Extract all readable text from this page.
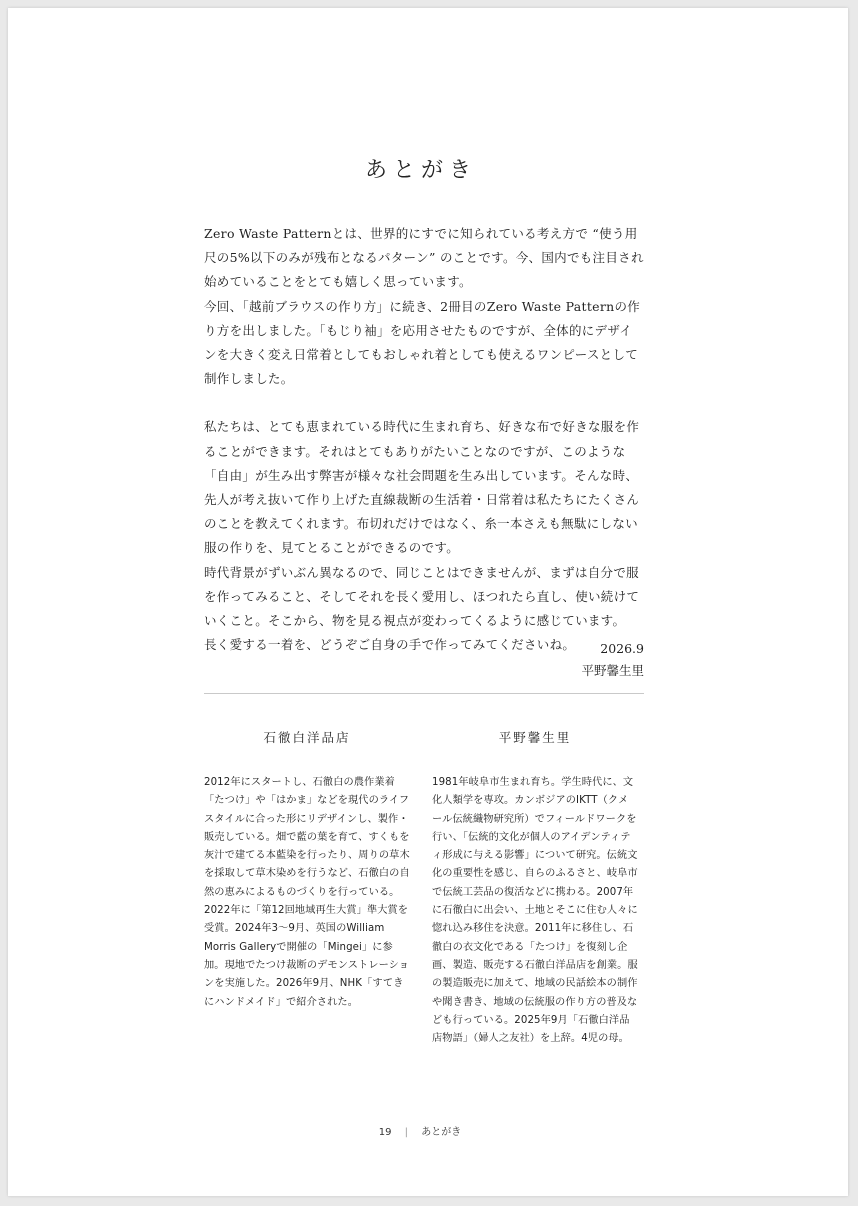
あとがき

Zero Waste Patternとは、世界的にすでに知られている考え方で “使う用尺の5%以下のみが残布となるパターン” のことです。今、国内でも注目され始めていることをとても嬉しく思っています。

今回、「越前ブラウスの作り方」に続き、2冊目のZero Waste Patternの作り方を出しました。「もじり袖」を応用させたものですが、全体的にデザインを大きく変え日常着としてもおしゃれ着としても使えるワンピースとして制作しました。

私たちは、とても恵まれている時代に生まれ育ち、好きな布で好きな服を作ることができます。それはとてもありがたいことなのですが、このような「自由」が生み出す弊害が様々な社会問題を生み出しています。そんな時、先人が考え抜いて作り上げた直線裁断の生活着・日常着は私たちにたくさんのことを教えてくれます。布切れだけではなく、糸一本さえも無駄にしない服の作りを、見てとることができるのです。

時代背景がずいぶん異なるので、同じことはできませんが、まずは自分で服を作ってみること、そしてそれを長く愛用し、ほつれたら直し、使い続けていくこと。そこから、物を見る視点が変わってくるように感じています。

長く愛する一着を、どうぞご自身の手で作ってみてくださいね。	2026.9
平野馨生里
石徹白洋品店

2012年にスタートし、石徹白の農作業着「たつけ」や「はかま」などを現代のライフスタイルに合った形にリデザインし、製作・販売している。畑で藍の葉を育て、すくもを灰汁で建てる本藍染を行ったり、周りの草木を採取して草木染めを行うなど、石徹白の自然の恵みによるものづくりを行っている。2022年に「第12回地域再生大賞」準大賞を受賞。2024年3～9月、英国のWilliam Morris Galleryで開催の「Mingei」に参加。現地でたつけ裁断のデモンストレーションを実施した。2026年9月、NHK「すてきにハンドメイド」で紹介された。

平野馨生里

1981年岐阜市生まれ育ち。学生時代に、文化人類学を専攻。カンボジアのIKTT（クメール伝統織物研究所）でフィールドワークを行い、「伝統的文化が個人のアイデンティティ形成に与える影響」について研究。伝統文化の重要性を感じ、自らのふるさと、岐阜市で伝統工芸品の復活などに携わる。2007年に石徹白に出会い、土地とそこに住む人々に惚れ込み移住を決意。2011年に移住し、石徹白の衣文化である「たつけ」を復刻し企画、製造、販売する石徹白洋品店を創業。服の製造販売に加えて、地域の民話絵本の制作や聞き書き、地域の伝統服の作り方の普及なども行っている。2025年9月「石徹白洋品店物語」（婦人之友社）を上辞。4児の母。

19 | あとがき
